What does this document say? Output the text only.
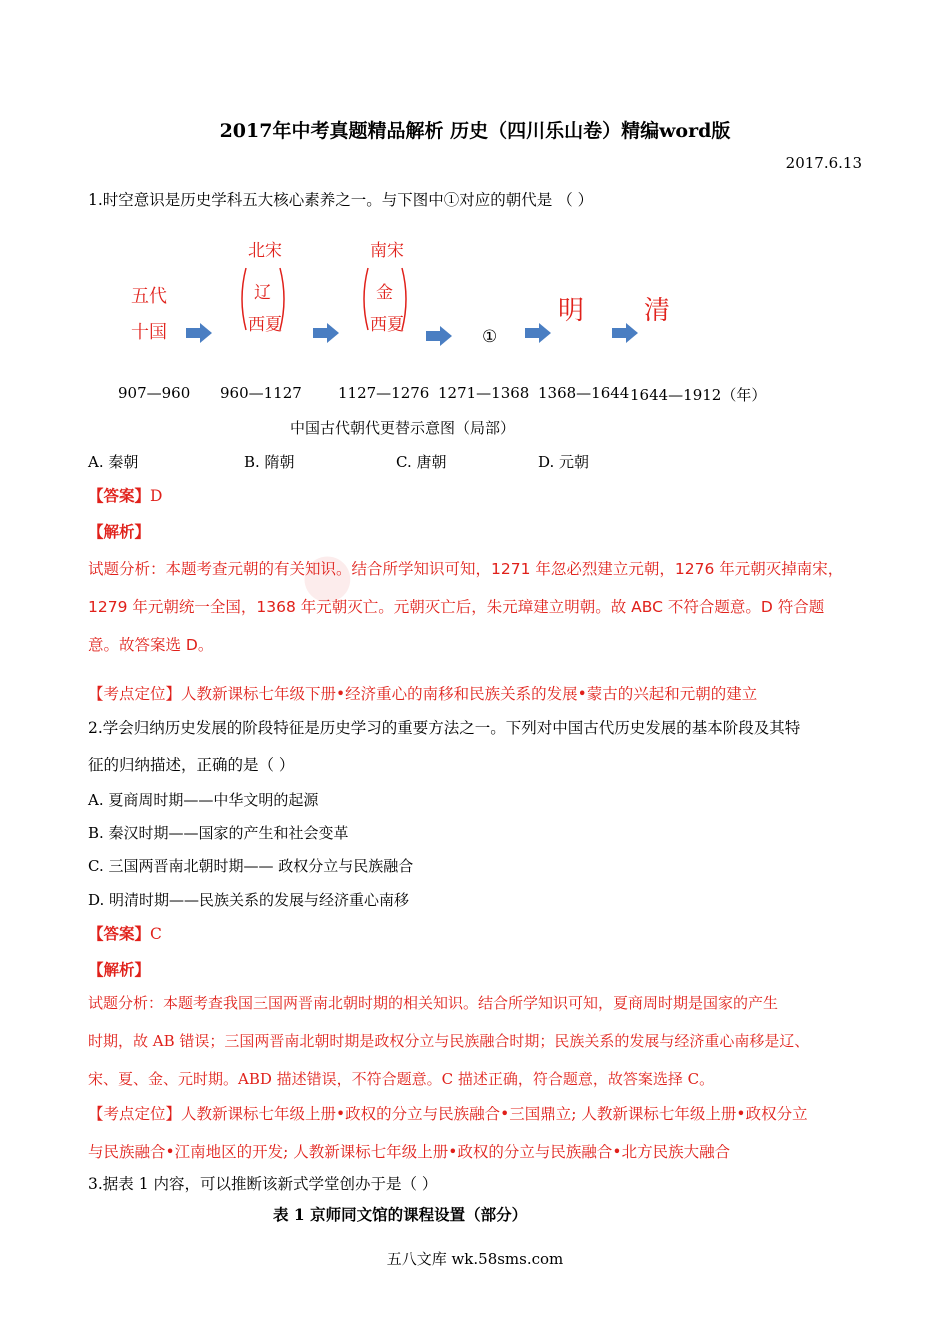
●
2017年中考真题精品解析 历史（四川乐山卷）精编word版
2017.6.13
1.时空意识是历史学科五大核心素养之一。与下图中①对应的朝代是 （ ）
五代
十国
北宋
辽
西夏
南宋
金
西夏
①
明 清
907—960 960—1127 1127—1276 1271—1368 1368—1644 1644—1912（年）
中国古代朝代更替示意图（局部）
A. 秦朝	B. 隋朝	C. 唐朝	D. 元朝
【答案】D
【解析】
试题分析：本题考查元朝的有关知识。结合所学知识可知，1271 年忽必烈建立元朝，1276 年元朝灭掉南宋，
1279 年元朝统一全国，1368 年元朝灭亡。元朝灭亡后，朱元璋建立明朝。故 ABC 不符合题意。D 符合题
意。故答案选 D。
【考点定位】人教新课标七年级下册•经济重心的南移和民族关系的发展•蒙古的兴起和元朝的建立
2.学会归纳历史发展的阶段特征是历史学习的重要方法之一。下列对中国古代历史发展的基本阶段及其特
征的归纳描述，正确的是（ ）
A. 夏商周时期——中华文明的起源
B. 秦汉时期——国家的产生和社会变革
C. 三国两晋南北朝时期—— 政权分立与民族融合
D. 明清时期——民族关系的发展与经济重心南移
【答案】C
【解析】
试题分析：本题考查我国三国两晋南北朝时期的相关知识。结合所学知识可知，夏商周时期是国家的产生
时期，故 AB 错误；三国两晋南北朝时期是政权分立与民族融合时期；民族关系的发展与经济重心南移是辽、
宋、夏、金、元时期。ABD 描述错误，不符合题意。C 描述正确，符合题意，故答案选择 C。
【考点定位】人教新课标七年级上册•政权的分立与民族融合•三国鼎立; 人教新课标七年级上册•政权分立
与民族融合•江南地区的开发; 人教新课标七年级上册•政权的分立与民族融合•北方民族大融合
3.据表 1 内容，可以推断该新式学堂创办于是（ ）
表 1 京师同文馆的课程设置（部分）
五八文库 wk.58sms.com
